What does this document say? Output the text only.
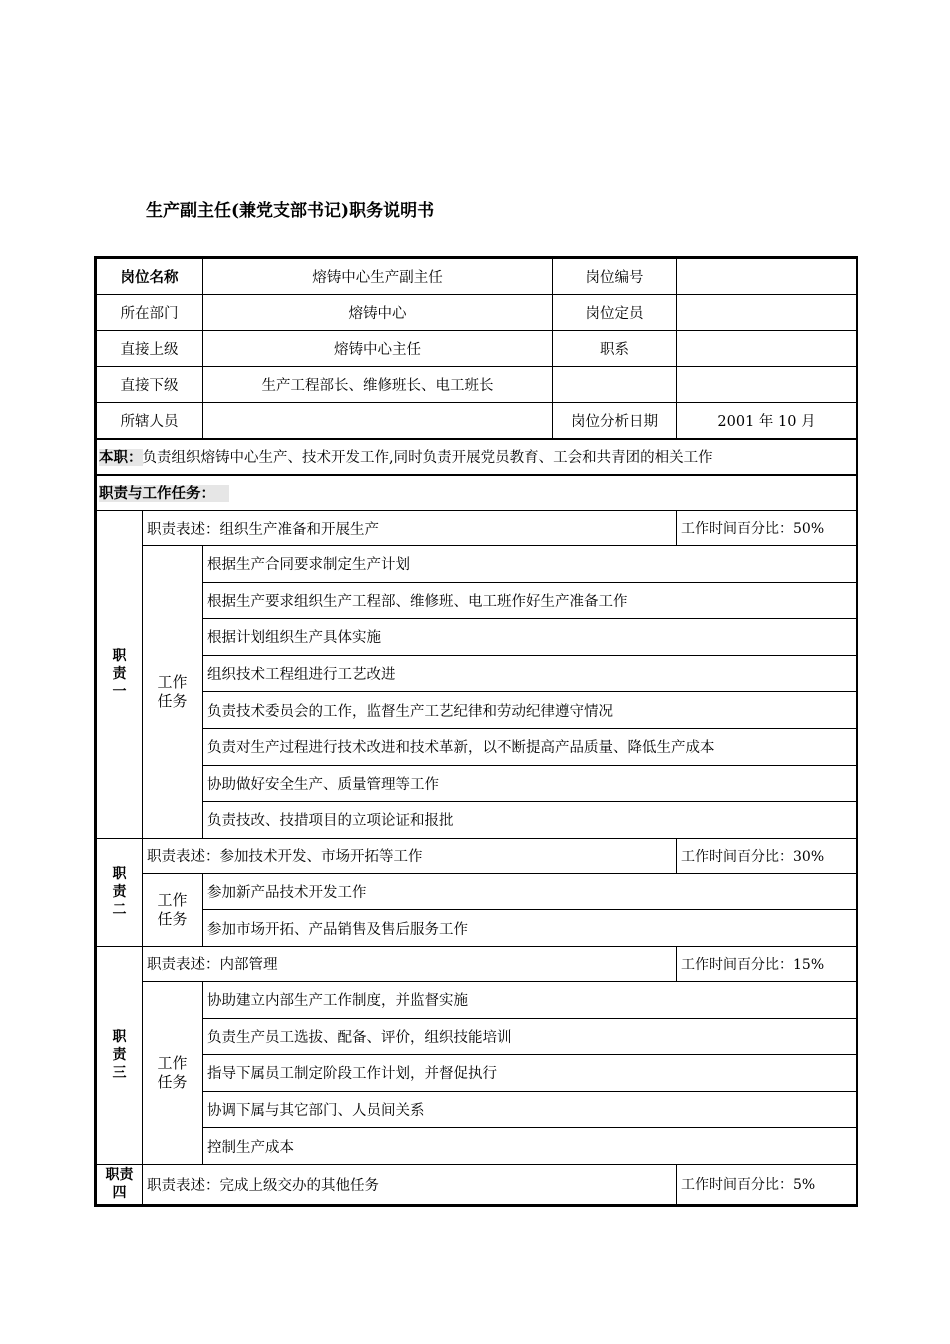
生产副主任(兼党支部书记)职务说明书
岗位名称		熔铸中心生产副主任	岗位编号	
所在部门		熔铸中心	岗位定员	
直接上级		熔铸中心主任	职系	
直接下级		生产工程部长、维修班长、电工班长		
所辖人员			岗位分析日期	2001 年 10 月
本职：负责组织熔铸中心生产、技术开发工作,同时负责开展党员教育、工会和共青团的相关工作				
职责与工作任务：				
职责一	职责表述：组织生产准备和开展生产			工作时间百分比：50%
	工作任务	根据生产合同要求制定生产计划		
		根据生产要求组织生产工程部、维修班、电工班作好生产准备工作		
		根据计划组织生产具体实施		
		组织技术工程组进行工艺改进		
		负责技术委员会的工作，监督生产工艺纪律和劳动纪律遵守情况		
		负责对生产过程进行技术改进和技术革新，以不断提高产品质量、降低生产成本		
		协助做好安全生产、质量管理等工作		
		负责技改、技措项目的立项论证和报批		
职责二	职责表述：参加技术开发、市场开拓等工作			工作时间百分比：30%
	工作任务	参加新产品技术开发工作		
		参加市场开拓、产品销售及售后服务工作		
职责三	职责表述：内部管理			工作时间百分比：15%
	工作任务	协助建立内部生产工作制度，并监督实施		
		负责生产员工选拔、配备、评价，组织技能培训		
		指导下属员工制定阶段工作计划，并督促执行		
		协调下属与其它部门、人员间关系		
		控制生产成本		
职责四	职责表述：完成上级交办的其他任务			工作时间百分比：5%
